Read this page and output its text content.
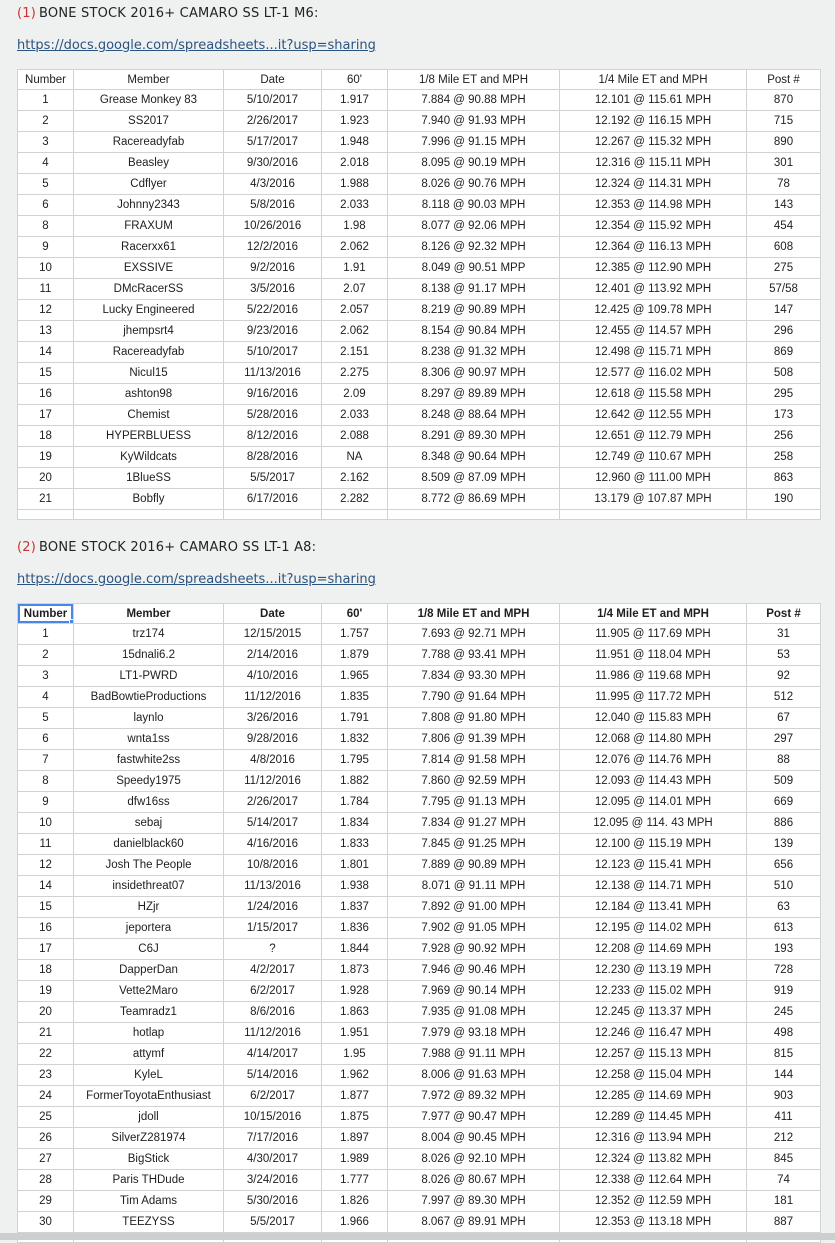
(1) BONE STOCK 2016+ CAMARO SS LT-1 M6:

https://docs.google.com/spreadsheets...it?usp=sharing

Number	Member	Date	60'	1/8 Mile ET and MPH	1/4 Mile ET and MPH	Post #
1	Grease Monkey 83	5/10/2017	1.917	7.884 @ 90.88 MPH	12.101 @ 115.61 MPH	870
2	SS2017	2/26/2017	1.923	7.940 @ 91.93 MPH	12.192 @ 116.15 MPH	715
3	Racereadyfab	5/17/2017	1.948	7.996 @ 91.15 MPH	12.267 @ 115.32 MPH	890
4	Beasley	9/30/2016	2.018	8.095 @ 90.19 MPH	12.316 @ 115.11 MPH	301
5	Cdflyer	4/3/2016	1.988	8.026 @ 90.76 MPH	12.324 @ 114.31 MPH	78
6	Johnny2343	5/8/2016	2.033	8.118 @ 90.03 MPH	12.353 @ 114.98 MPH	143
8	FRAXUM	10/26/2016	1.98	8.077 @ 92.06 MPH	12.354 @ 115.92 MPH	454
9	Racerxx61	12/2/2016	2.062	8.126 @ 92.32 MPH	12.364 @ 116.13 MPH	608
10	EXSSIVE	9/2/2016	1.91	8.049 @ 90.51 MPP	12.385 @ 112.90 MPH	275
11	DMcRacerSS	3/5/2016	2.07	8.138 @ 91.17 MPH	12.401 @ 113.92 MPH	57/58
12	Lucky Engineered	5/22/2016	2.057	8.219 @ 90.89 MPH	12.425 @ 109.78 MPH	147
13	jhempsrt4	9/23/2016	2.062	8.154 @ 90.84 MPH	12.455 @ 114.57 MPH	296
14	Racereadyfab	5/10/2017	2.151	8.238 @ 91.32 MPH	12.498 @ 115.71 MPH	869
15	Nicul15	11/13/2016	2.275	8.306 @ 90.97 MPH	12.577 @ 116.02 MPH	508
16	ashton98	9/16/2016	2.09	8.297 @ 89.89 MPH	12.618 @ 115.58 MPH	295
17	Chemist	5/28/2016	2.033	8.248 @ 88.64 MPH	12.642 @ 112.55 MPH	173
18	HYPERBLUESS	8/12/2016	2.088	8.291 @ 89.30 MPH	12.651 @ 112.79 MPH	256
19	KyWildcats	8/28/2016	NA	8.348 @ 90.64 MPH	12.749 @ 110.67 MPH	258
20	1BlueSS	5/5/2017	2.162	8.509 @ 87.09 MPH	12.960 @ 111.00 MPH	863
21	Bobfly	6/17/2016	2.282	8.772 @ 86.69 MPH	13.179 @ 107.87 MPH	190

(2) BONE STOCK 2016+ CAMARO SS LT-1 A8:

https://docs.google.com/spreadsheets...it?usp=sharing

Number	Member	Date	60'	1/8 Mile ET and MPH	1/4 Mile ET and MPH	Post #
1	trz174	12/15/2015	1.757	7.693 @ 92.71 MPH	11.905 @ 117.69 MPH	31
2	15dnali6.2	2/14/2016	1.879	7.788 @ 93.41 MPH	11.951 @ 118.04 MPH	53
3	LT1-PWRD	4/10/2016	1.965	7.834 @ 93.30 MPH	11.986 @ 119.68 MPH	92
4	BadBowtieProductions	11/12/2016	1.835	7.790 @ 91.64 MPH	11.995 @ 117.72 MPH	512
5	laynlo	3/26/2016	1.791	7.808 @ 91.80 MPH	12.040 @ 115.83 MPH	67
6	wnta1ss	9/28/2016	1.832	7.806 @ 91.39 MPH	12.068 @ 114.80 MPH	297
7	fastwhite2ss	4/8/2016	1.795	7.814 @ 91.58 MPH	12.076 @ 114.76 MPH	88
8	Speedy1975	11/12/2016	1.882	7.860 @ 92.59 MPH	12.093 @ 114.43 MPH	509
9	dfw16ss	2/26/2017	1.784	7.795 @ 91.13 MPH	12.095 @ 114.01 MPH	669
10	sebaj	5/14/2017	1.834	7.834 @ 91.27 MPH	12.095 @ 114. 43 MPH	886
11	danielblack60	4/16/2016	1.833	7.845 @ 91.25 MPH	12.100 @ 115.19 MPH	139
12	Josh The People	10/8/2016	1.801	7.889 @ 90.89 MPH	12.123 @ 115.41 MPH	656
14	insidethreat07	11/13/2016	1.938	8.071 @ 91.11 MPH	12.138 @ 114.71 MPH	510
15	HZjr	1/24/2016	1.837	7.892 @ 91.00 MPH	12.184 @ 113.41 MPH	63
16	jeportera	1/15/2017	1.836	7.902 @ 91.05 MPH	12.195 @ 114.02 MPH	613
17	C6J	?	1.844	7.928 @ 90.92 MPH	12.208 @ 114.69 MPH	193
18	DapperDan	4/2/2017	1.873	7.946 @ 90.46 MPH	12.230 @ 113.19 MPH	728
19	Vette2Maro	6/2/2017	1.928	7.969 @ 90.14 MPH	12.233 @ 115.02 MPH	919
20	Teamradz1	8/6/2016	1.863	7.935 @ 91.08 MPH	12.245 @ 113.37 MPH	245
21	hotlap	11/12/2016	1.951	7.979 @ 93.18 MPH	12.246 @ 116.47 MPH	498
22	attymf	4/14/2017	1.95	7.988 @ 91.11 MPH	12.257 @ 115.13 MPH	815
23	KyleL	5/14/2016	1.962	8.006 @ 91.63 MPH	12.258 @ 115.04 MPH	144
24	FormerToyotaEnthusiast	6/2/2017	1.877	7.972 @ 89.32 MPH	12.285 @ 114.69 MPH	903
25	jdoll	10/15/2016	1.875	7.977 @ 90.47 MPH	12.289 @ 114.45 MPH	411
26	SilverZ281974	7/17/2016	1.897	8.004 @ 90.45 MPH	12.316 @ 113.94 MPH	212
27	BigStick	4/30/2017	1.989	8.026 @ 92.10 MPH	12.324 @ 113.82 MPH	845
28	Paris THDude	3/24/2016	1.777	8.026 @ 80.67 MPH	12.338 @ 112.64 MPH	74
29	Tim Adams	5/30/2016	1.826	7.997 @ 89.30 MPH	12.352 @ 112.59 MPH	181
30	TEEZYSS	5/5/2017	1.966	8.067 @ 89.91 MPH	12.353 @ 113.18 MPH	887
